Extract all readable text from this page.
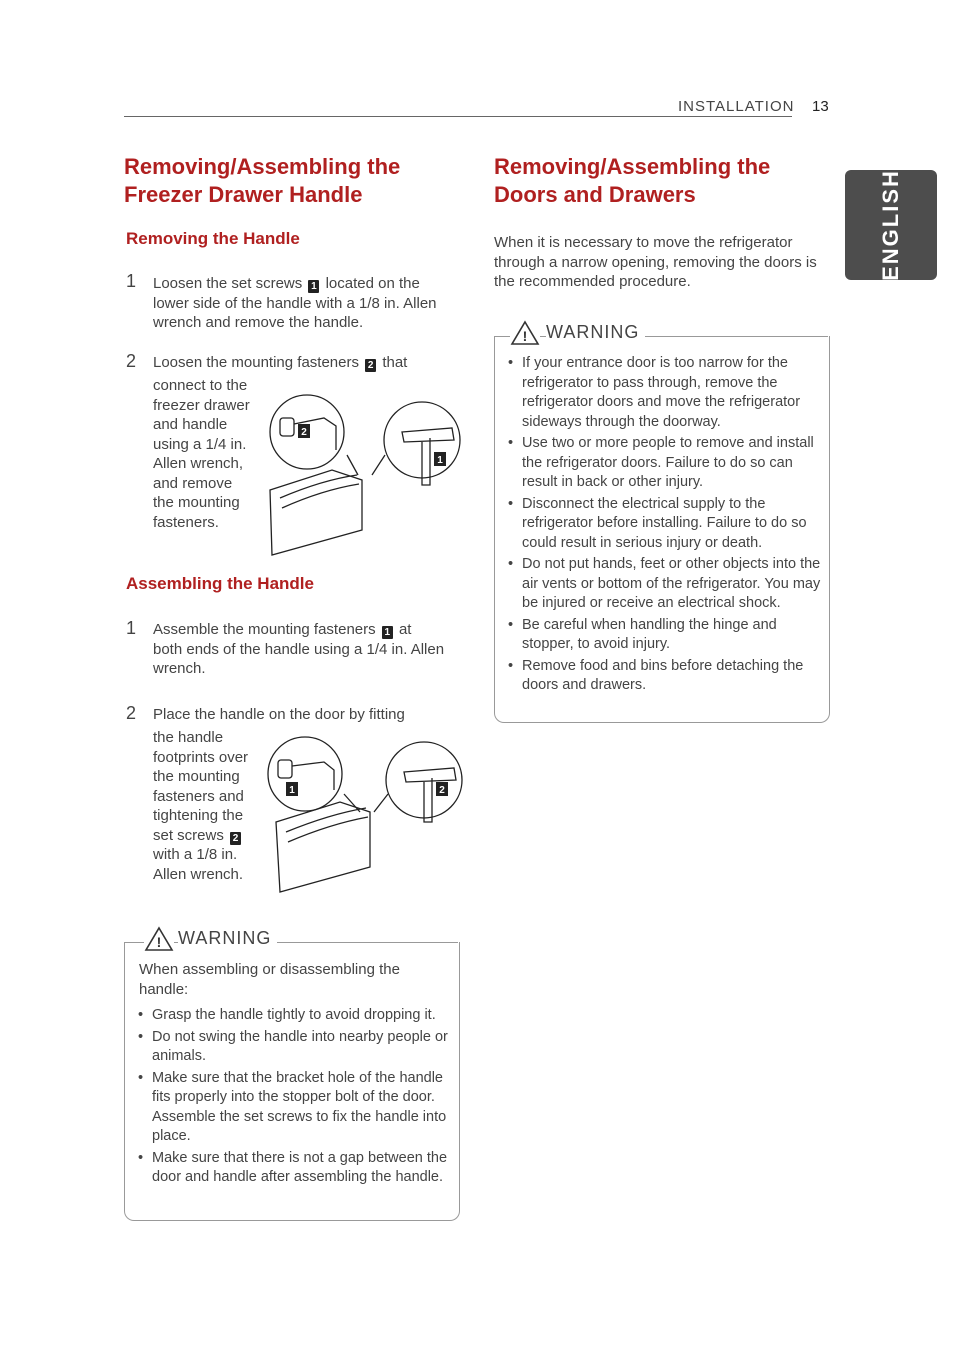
INSTALLATION 13
ENGLISH
Removing/Assembling the
Freezer Drawer Handle
Removing the Handle
1 Loosen the set screws 1 located on the
lower side of the handle with a 1/8 in. Allen
wrench and remove the handle.
2 Loosen the mounting fasteners 2 that
connect to the
freezer drawer
and handle
using a 1/4 in.
Allen wrench,
and remove
the mounting
fasteners.
2
1
Assembling the Handle
1 Assemble the mounting fasteners 1 at
both ends of the handle using a 1/4 in. Allen
wrench.
2 Place the handle on the door by fitting
the handle
footprints over
the mounting
fasteners and
tightening the
set screws 2
with a 1/8 in.
Allen wrench.
1	2
! WARNING
When assembling or disassembling the handle:
• Grasp the handle tightly to avoid dropping it.
• Do not swing the handle into nearby people or animals.
• Make sure that the bracket hole of the handle fits properly into the stopper bolt of the door. Assemble the set screws to fix the handle into place.
• Make sure that there is not a gap between the door and handle after assembling the handle.
Removing/Assembling the
Doors and Drawers
When it is necessary to move the refrigerator through a narrow opening, removing the doors is the recommended procedure.
! WARNING
• If your entrance door is too narrow for the refrigerator to pass through, remove the refrigerator doors and move the refrigerator sideways through the doorway.
• Use two or more people to remove and install the refrigerator doors. Failure to do so can result in back or other injury.
• Disconnect the electrical supply to the refrigerator before installing. Failure to do so could result in serious injury or death.
• Do not put hands, feet or other objects into the air vents or bottom of the refrigerator. You may be injured or receive an electrical shock.
• Be careful when handling the hinge and stopper, to avoid injury.
• Remove food and bins before detaching the doors and drawers.
